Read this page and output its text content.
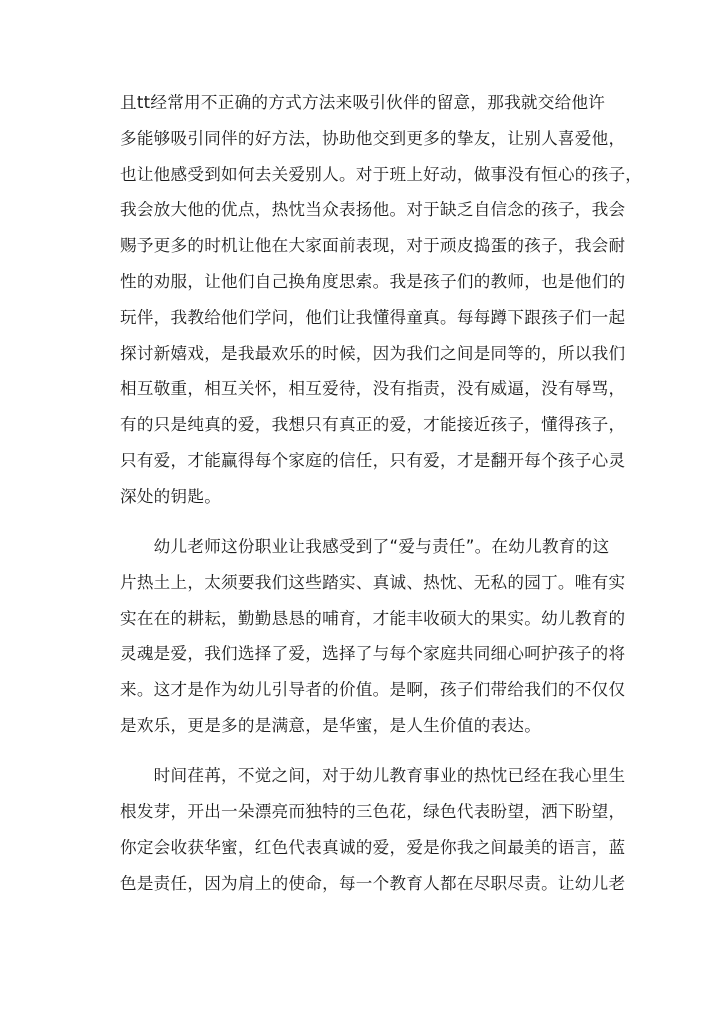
且tt经常用不正确的方式方法来吸引伙伴的留意，那我就交给他许
多能够吸引同伴的好方法，协助他交到更多的挚友，让别人喜爱他，
也让他感受到如何去关爱别人。对于班上好动，做事没有恒心的孩子，
我会放大他的优点，热忱当众表扬他。对于缺乏自信念的孩子，我会
赐予更多的时机让他在大家面前表现，对于顽皮捣蛋的孩子，我会耐
性的劝服，让他们自己换角度思索。我是孩子们的教师，也是他们的
玩伴，我教给他们学问，他们让我懂得童真。每每蹲下跟孩子们一起
探讨新嬉戏，是我最欢乐的时候，因为我们之间是同等的，所以我们
相互敬重，相互关怀，相互爱待，没有指责，没有威逼，没有辱骂，
有的只是纯真的爱，我想只有真正的爱，才能接近孩子，懂得孩子，
只有爱，才能赢得每个家庭的信任，只有爱，才是翻开每个孩子心灵
深处的钥匙。
　　幼儿老师这份职业让我感受到了“爱与责任”。在幼儿教育的这
片热土上，太须要我们这些踏实、真诚、热忱、无私的园丁。唯有实
实在在的耕耘，勤勤恳恳的哺育，才能丰收硕大的果实。幼儿教育的
灵魂是爱，我们选择了爱，选择了与每个家庭共同细心呵护孩子的将
来。这才是作为幼儿引导者的价值。是啊，孩子们带给我们的不仅仅
是欢乐，更是多的是满意，是华蜜，是人生价值的表达。
　　时间荏苒，不觉之间，对于幼儿教育事业的热忱已经在我心里生
根发芽，开出一朵漂亮而独特的三色花，绿色代表盼望，洒下盼望，
你定会收获华蜜，红色代表真诚的爱，爱是你我之间最美的语言，蓝
色是责任，因为肩上的使命，每一个教育人都在尽职尽责。让幼儿老
